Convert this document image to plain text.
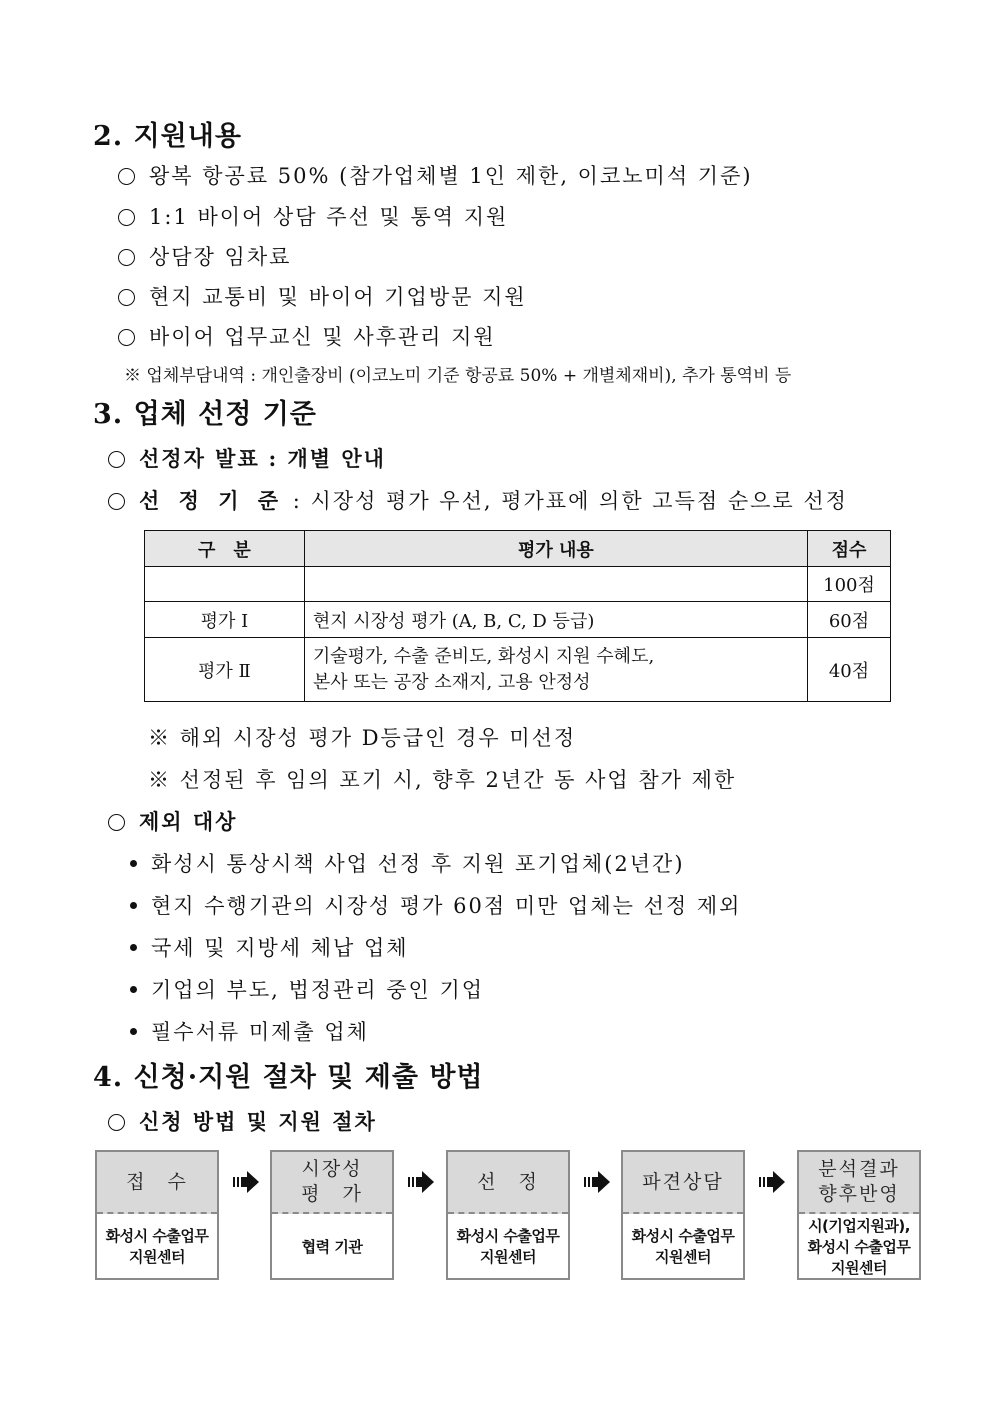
2. 지원내용
왕복 항공료 50% (참가업체별 1인 제한, 이코노미석 기준)
1:1 바이어 상담 주선 및 통역 지원
상담장 임차료
현지 교통비 및 바이어 기업방문 지원
바이어 업무교신 및 사후관리 지원
※ 업체부담내역 : 개인출장비 (이코노미 기준 항공료 50% + 개별체재비), 추가 통역비 등
3. 업체 선정 기준
선정자 발표 : 개별 안내
선 정 기 준 : 시장성 평가 우선, 평가표에 의한 고득점 순으로 선정
구　분	평가 내용	점수
		100점
평가 Ⅰ	현지 시장성 평가 (A, B, C, D 등급)	60점
평가 Ⅱ	기술평가, 수출 준비도, 화성시 지원 수혜도,
본사 또는 공장 소재지, 고용 안정성	40점
※ 해외 시장성 평가 D등급인 경우 미선정
※ 선정된 후 임의 포기 시, 향후 2년간 동 사업 참가 제한
제외 대상
화성시 통상시책 사업 선정 후 지원 포기업체(2년간)
현지 수행기관의 시장성 평가 60점 미만 업체는 선정 제외
국세 및 지방세 체납 업체
기업의 부도, 법정관리 중인 기업
필수서류 미제출 업체
4. 신청·지원 절차 및 제출 방법
신청 방법 및 지원 절차
접　수
화성시 수출업무
지원센터
시장성
평　가
협력 기관
선　정
화성시 수출업무
지원센터
파견상담
화성시 수출업무
지원센터
분석결과
향후반영
시(기업지원과),
화성시 수출업무
지원센터
